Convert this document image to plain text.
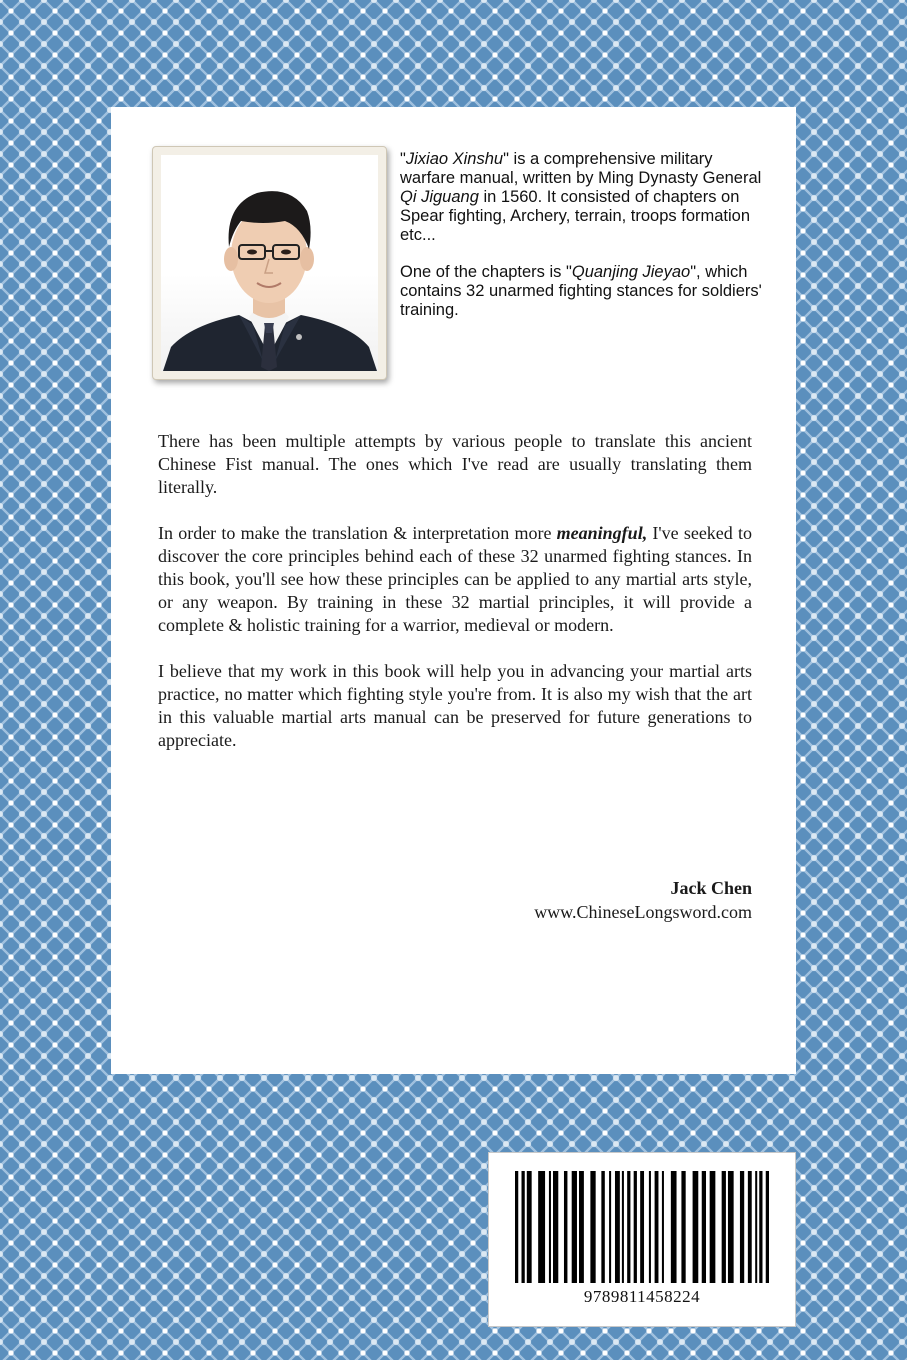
"Jixiao Xinshu" is a comprehensive military warfare manual, written by Ming Dynasty General Qi Jiguang in 1560. It consisted of chapters on Spear fighting, Archery, terrain, troops formation etc...

One of the chapters is "Quanjing Jieyao", which contains 32 unarmed fighting stances for soldiers' training.

There has been multiple attempts by various people to translate this ancient Chinese Fist manual. The ones which I've read are usually translating them literally.

In order to make the translation & interpretation more meaningful, I've seeked to discover the core principles behind each of these 32 unarmed fighting stances. In this book, you'll see how these principles can be applied to any martial arts style, or any weapon. By training in these 32 martial principles, it will provide a complete & holistic training for a warrior, medieval or modern.

I believe that my work in this book will help you in advancing your martial arts practice, no matter which fighting style you're from. It is also my wish that the art in this valuable martial arts manual can be preserved for future generations to appreciate.

Jack Chen
www.ChineseLongsword.com
9789811458224
